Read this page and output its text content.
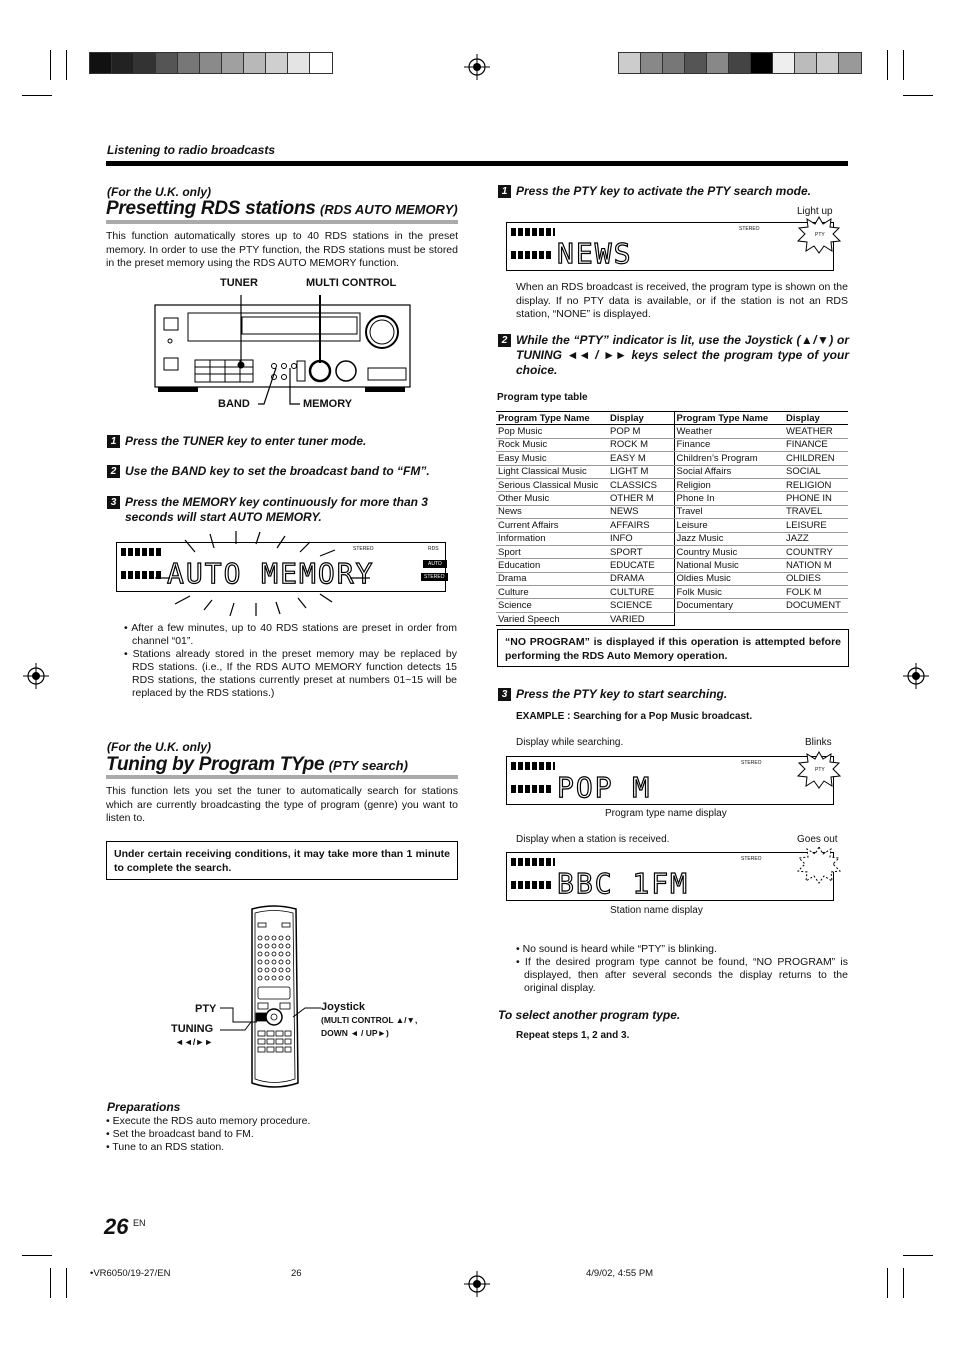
Listening to radio broadcasts
(For the U.K. only)
Presetting RDS stations (RDS AUTO MEMORY)
This function automatically stores up to 40 RDS stations in the preset memory. In order to use the PTY function, the RDS stations must be stored in the preset memory using the RDS AUTO MEMORY function.
TUNER	MULTI CONTROL
BAND	MEMORY
1 Press the TUNER key to enter tuner mode.
2 Use the BAND key to set the broadcast band to “FM”.
3 Press the MEMORY key continuously for more than 3 seconds will start AUTO MEMORY.
STEREO	RDS
AUTO
STEREO
AUTO MEMORY
• After a few minutes, up to 40 RDS stations are preset in order from channel “01”.
• Stations already stored in the preset memory may be replaced by RDS stations. (i.e., If the RDS AUTO MEMORY function detects 15 RDS stations, the stations currently preset at numbers 01~15 will be replaced by the RDS stations.)
(For the U.K. only)
Tuning by Program TYpe (PTY search)
This function lets you set the tuner to automatically search for stations which are currently broadcasting the type of program (genre) you want to listen to.
Under certain receiving conditions, it may take more than 1 minute to complete the search.
PTY
TUNING
◄◄/►►
Joystick
(MULTI CONTROL ▲/▼,
DOWN ◄ / UP►)
Preparations
• Execute the RDS auto memory procedure.
• Set the broadcast band to FM.
• Tune to an RDS station.
1 Press the PTY key to activate the PTY search mode.
Light up
STEREO
NEWS
PTY
When an RDS broadcast is received, the program type is shown on the display. If no PTY data is available, or if the station is not an RDS station, “NONE” is displayed.
2 While the “PTY” indicator is lit, use the Joystick (▲/▼) or TUNING ◄◄ / ►► keys select the program type of your choice.
Program type table
Program Type Name	Display	Program Type Name	Display
Pop Music	POP M	Weather	WEATHER
Rock Music	ROCK M	Finance	FINANCE
Easy Music	EASY M	Children’s Program	CHILDREN
Light Classical Music	LIGHT M	Social Affairs	SOCIAL
Serious Classical Music	CLASSICS	Religion	RELIGION
Other Music	OTHER M	Phone In	PHONE IN
News	NEWS	Travel	TRAVEL
Current Affairs	AFFAIRS	Leisure	LEISURE
Information	INFO	Jazz Music	JAZZ
Sport	SPORT	Country Music	COUNTRY
Education	EDUCATE	National Music	NATION M
Drama	DRAMA	Oldies Music	OLDIES
Culture	CULTURE	Folk Music	FOLK M
Science	SCIENCE	Documentary	DOCUMENT
Varied Speech	VARIED		
“NO PROGRAM” is displayed if this operation is attempted before performing the RDS Auto Memory operation.
3 Press the PTY key to start searching.
EXAMPLE : Searching for a Pop Music broadcast.
Display while searching.	Blinks
STEREO
POP M
PTY
Program type name display
Display when a station is received.	Goes out
STEREO
BBC 1FM
Station name display
• No sound is heard while “PTY” is blinking.
• If the desired program type cannot be found, “NO PROGRAM” is displayed, then after several seconds the display returns to the original display.
To select another program type.
Repeat steps 1, 2 and 3.
26 $^{EN}$
•VR6050/19-27/EN	26	4/9/02, 4:55 PM
